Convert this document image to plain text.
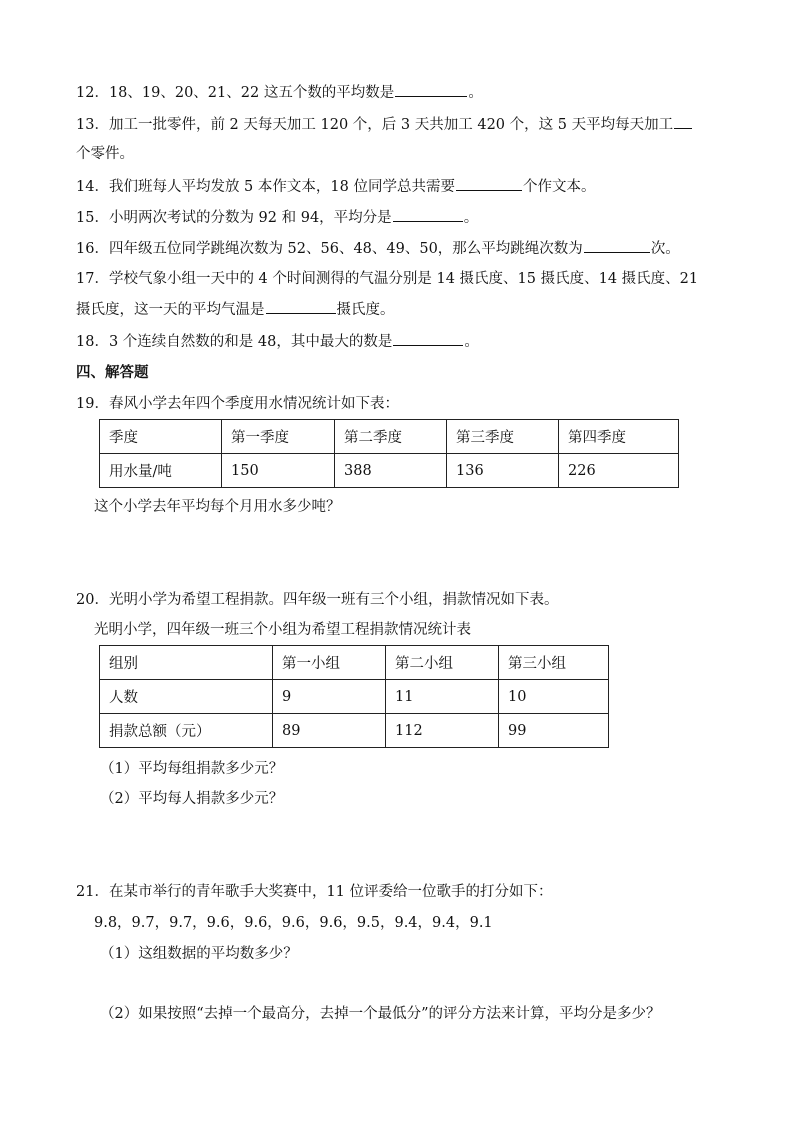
12．18、19、20、21、22 这五个数的平均数是	。
13．加工一批零件，前 2 天每天加工 120 个，后 3 天共加工 420 个，这 5 天平均每天加工
个零件。
14．我们班每人平均发放 5 本作文本，18 位同学总共需要	个作文本。
15．小明两次考试的分数为 92 和 94，平均分是	。
16．四年级五位同学跳绳次数为 52、56、48、49、50，那么平均跳绳次数为	次。
17．学校气象小组一天中的 4 个时间测得的气温分别是 14 摄氏度、15 摄氏度、14 摄氏度、21
摄氏度，这一天的平均气温是	摄氏度。
18．3 个连续自然数的和是 48，其中最大的数是	。
四、解答题
19．春风小学去年四个季度用水情况统计如下表：
季度	第一季度	第二季度	第三季度	第四季度
用水量/吨	150	388	136	226
这个小学去年平均每个月用水多少吨？
20．光明小学为希望工程捐款。四年级一班有三个小组，捐款情况如下表。
光明小学，四年级一班三个小组为希望工程捐款情况统计表
组别	第一小组	第二小组	第三小组
人数	9	11	10
捐款总额（元）	89	112	99
（1）平均每组捐款多少元？
（2）平均每人捐款多少元？
21．在某市举行的青年歌手大奖赛中，11 位评委给一位歌手的打分如下：
9.8，9.7，9.7，9.6，9.6，9.6，9.6，9.5，9.4，9.4，9.1
（1）这组数据的平均数多少？
（2）如果按照“去掉一个最高分，去掉一个最低分”的评分方法来计算，平均分是多少？
